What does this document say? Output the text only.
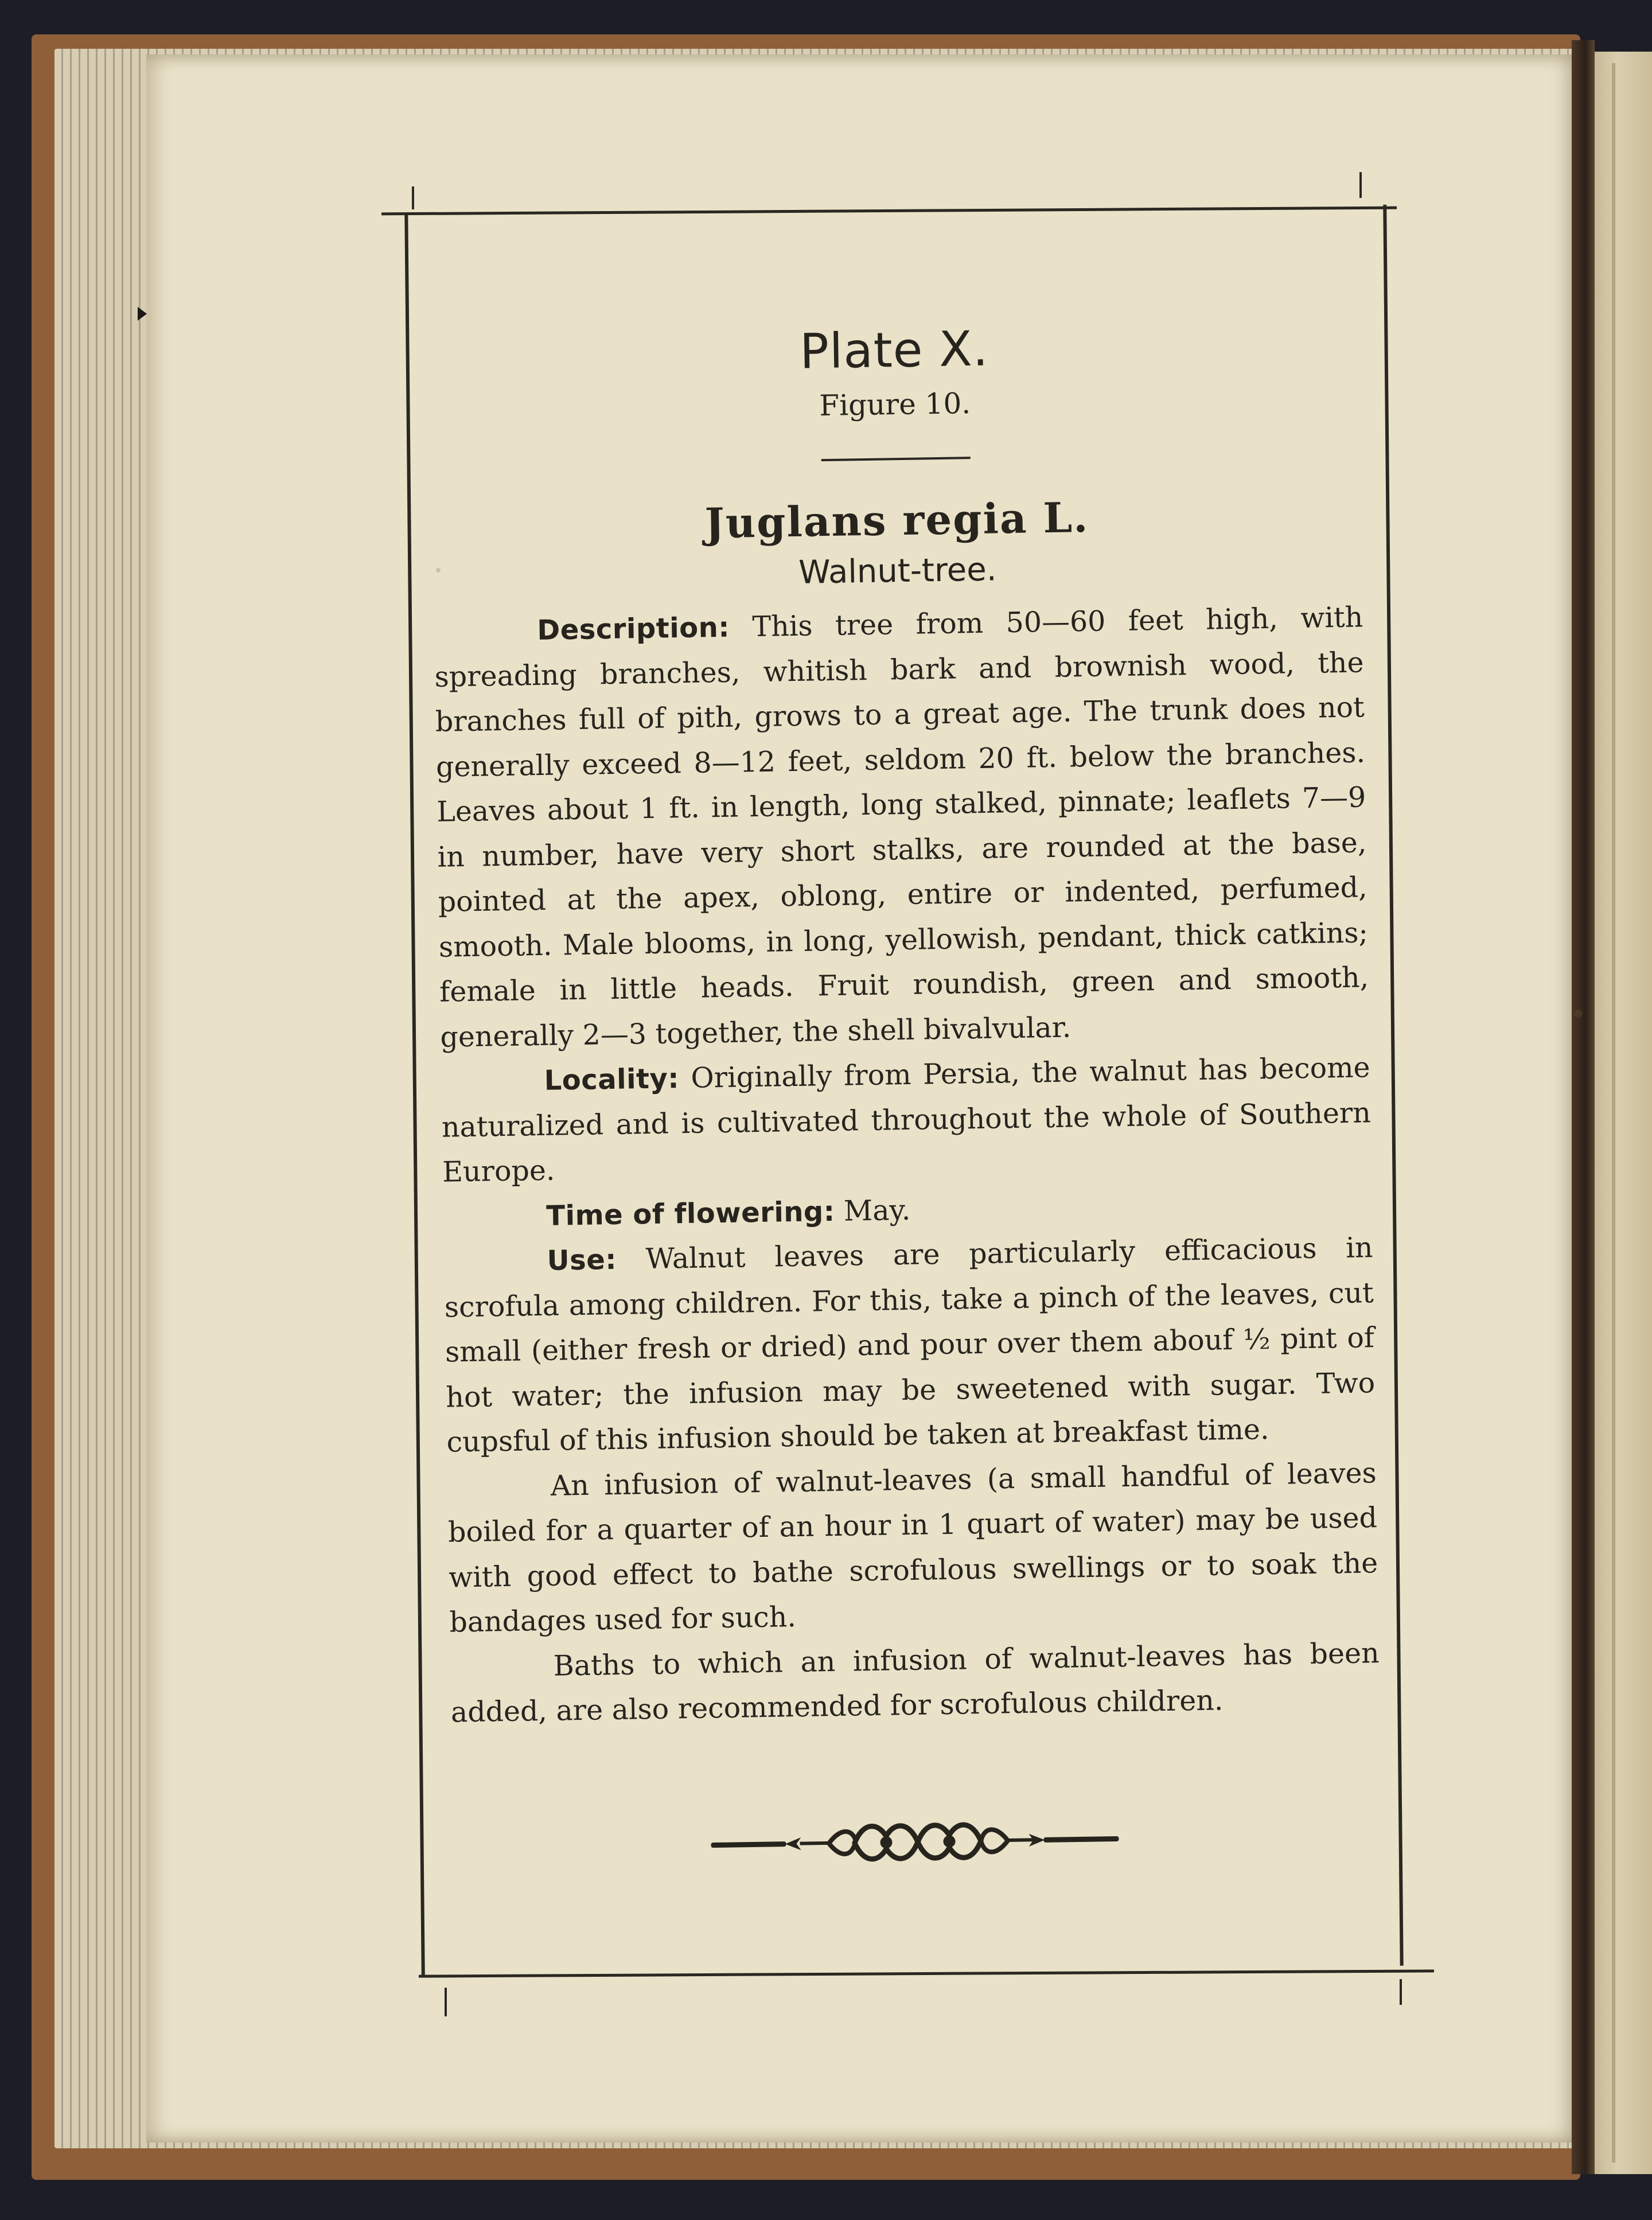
Plate X.
Figure 10.
Juglans regia L.
Walnut-tree.

Description: This tree from 50—60 feet high, with spreading branches, whitish bark and brownish wood, the branches full of pith, grows to a great age. The trunk does not generally exceed 8—12 feet, seldom 20 ft. below the branches. Leaves about 1 ft. in length, long stalked, pinnate; leaflets 7—9 in number, have very short stalks, are rounded at the base, pointed at the apex, oblong, entire or indented, perfumed, smooth. Male blooms, in long, yellowish, pendant, thick catkins; female in little heads. Fruit roundish, green and smooth, generally 2—3 together, the shell bivalvular.

Locality: Originally from Persia, the walnut has become naturalized and is cultivated throughout the whole of Southern Europe.

Time of flowering: May.

Use: Walnut leaves are particularly efficacious in scrofula among children. For this, take a pinch of the leaves, cut small (either fresh or dried) and pour over them abouf ½ pint of hot water; the infusion may be sweetened with sugar. Two cupsful of this infusion should be taken at breakfast time.

An infusion of walnut-leaves (a small handful of leaves boiled for a quarter of an hour in 1 quart of water) may be used with good effect to bathe scrofulous swellings or to soak the bandages used for such.

Baths to which an infusion of walnut-leaves has been added, are also recommended for scrofulous children.
